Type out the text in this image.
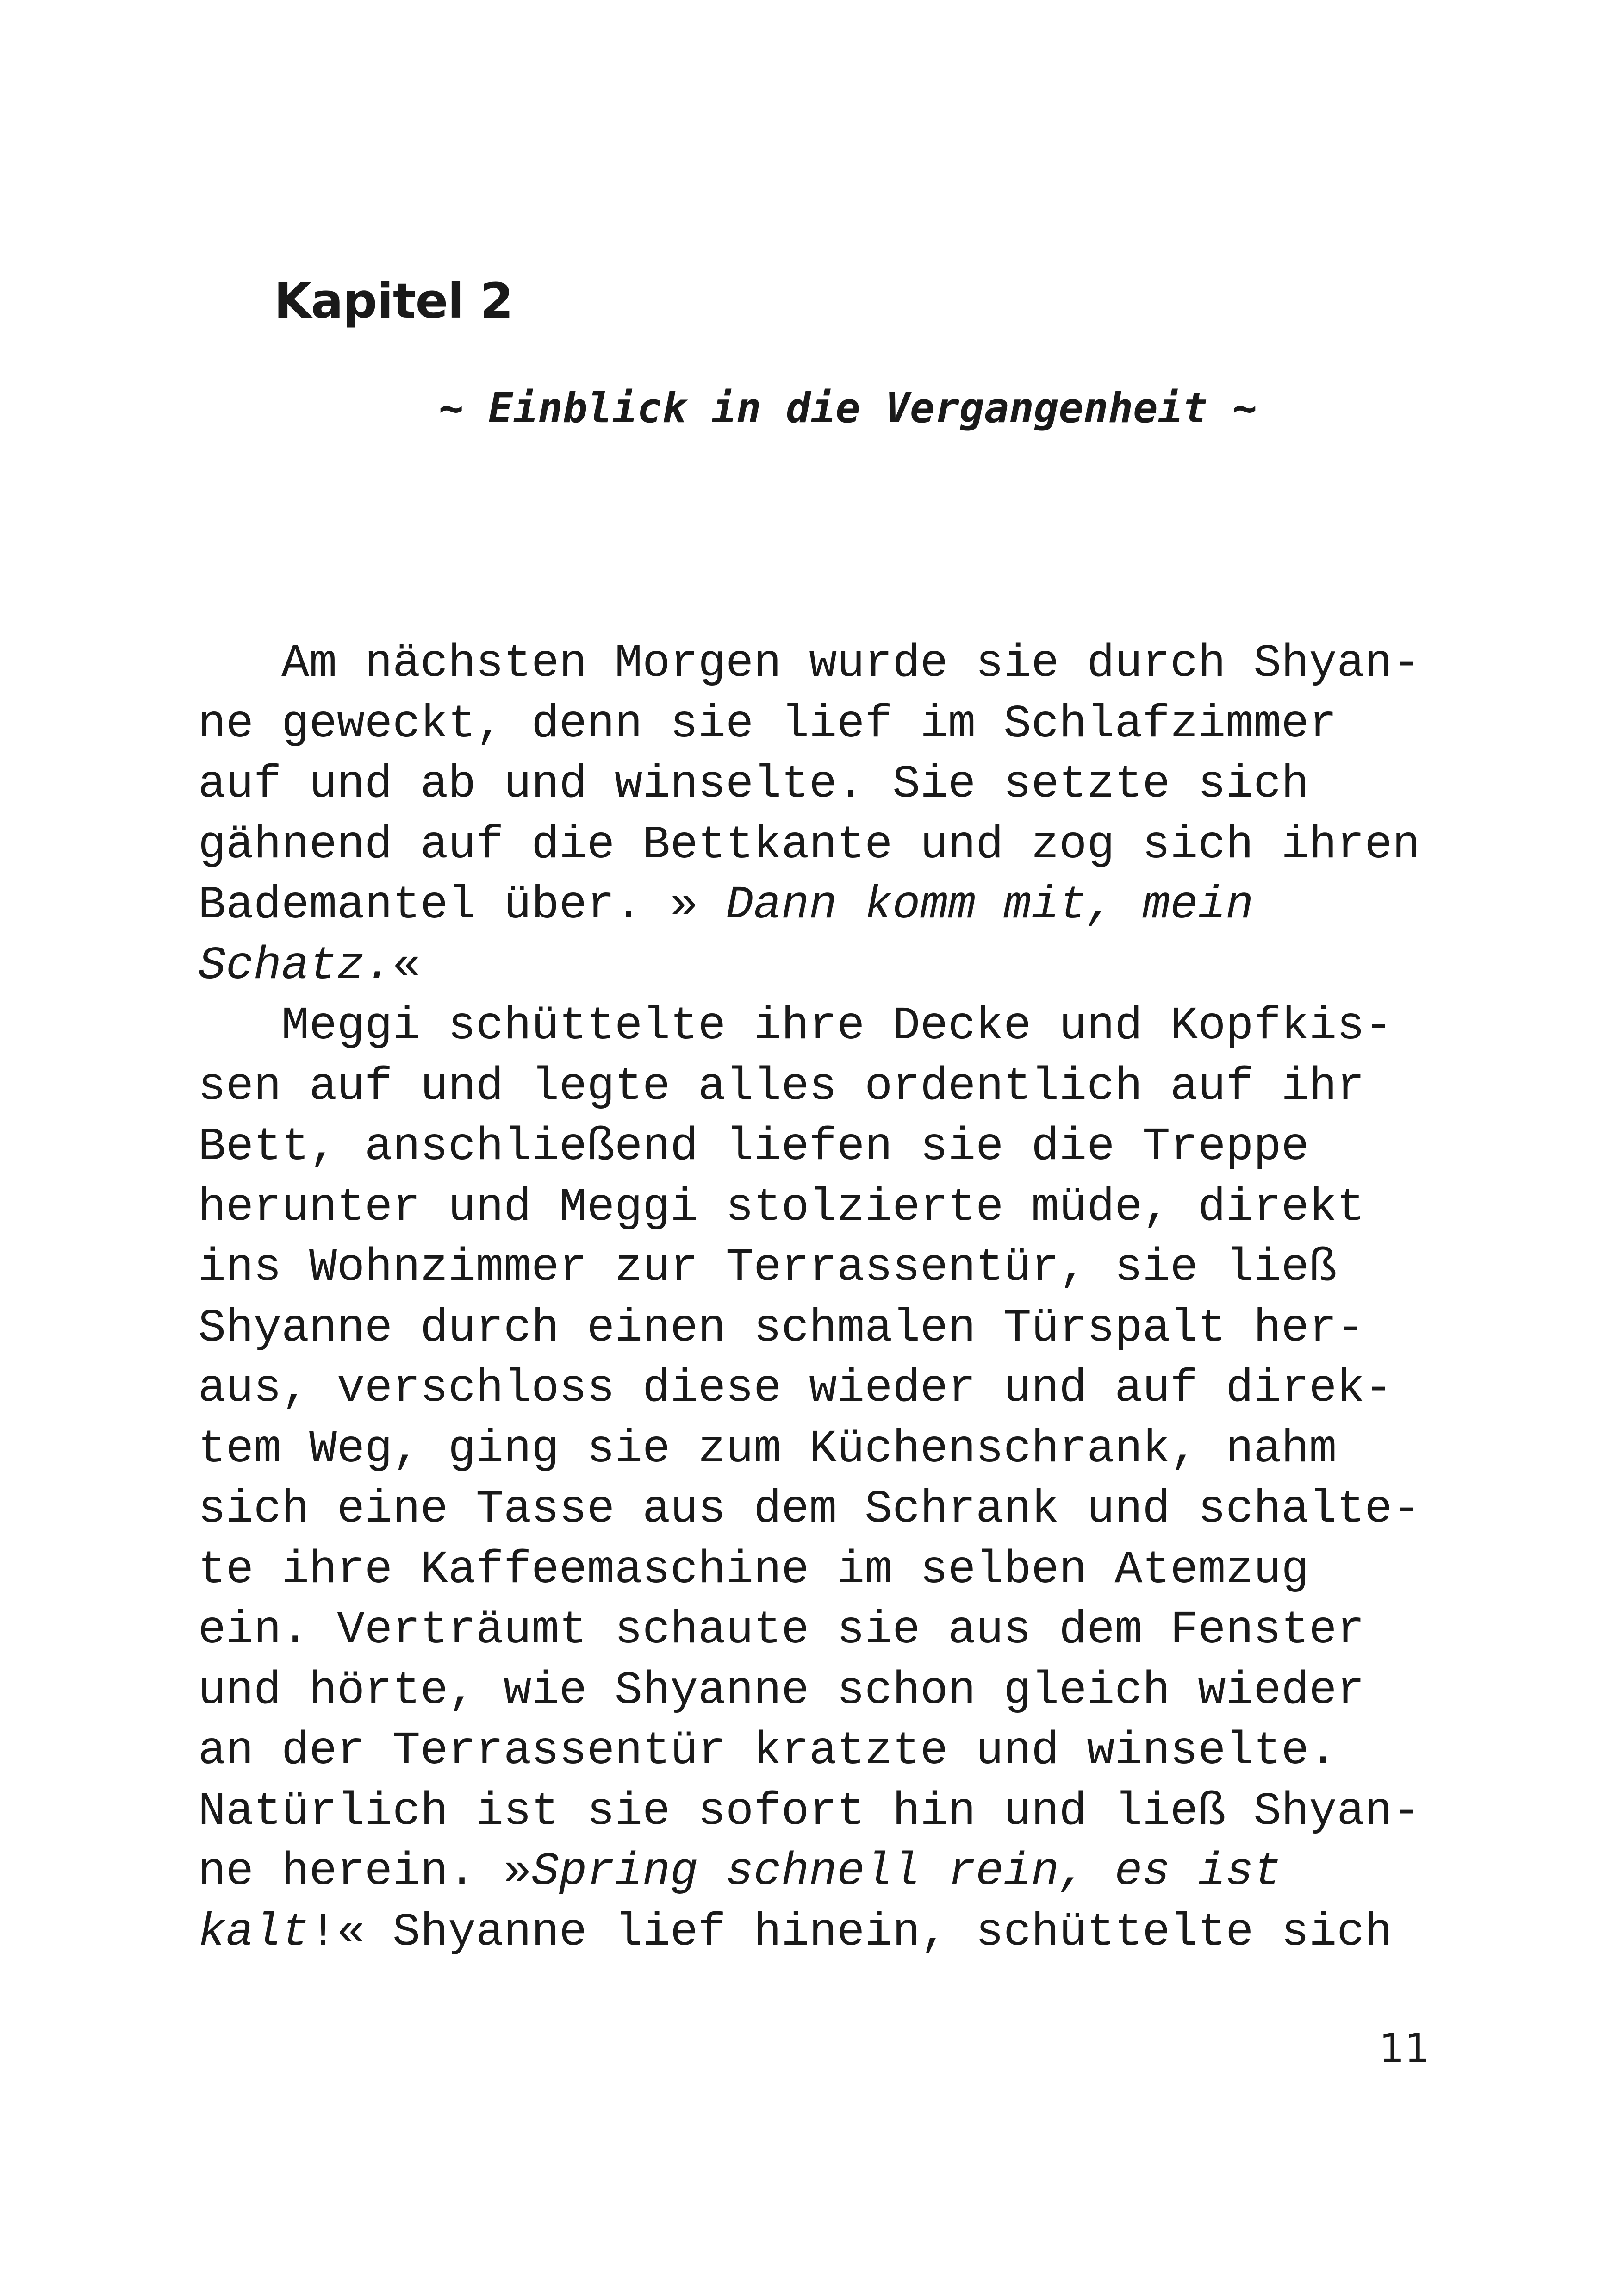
Kapitel 2

~ Einblick in die Vergangenheit ~

Am nächsten Morgen wurde sie durch Shyan-
ne geweckt, denn sie lief im Schlafzimmer
auf und ab und winselte. Sie setzte sich
gähnend auf die Bettkante und zog sich ihren
Bademantel über. » Dann komm mit, mein
Schatz.«
Meggi schüttelte ihre Decke und Kopfkis-
sen auf und legte alles ordentlich auf ihr
Bett, anschließend liefen sie die Treppe
herunter und Meggi stolzierte müde, direkt
ins Wohnzimmer zur Terrassentür, sie ließ
Shyanne durch einen schmalen Türspalt her-
aus, verschloss diese wieder und auf direk-
tem Weg, ging sie zum Küchenschrank, nahm
sich eine Tasse aus dem Schrank und schalte-
te ihre Kaffeemaschine im selben Atemzug
ein. Verträumt schaute sie aus dem Fenster
und hörte, wie Shyanne schon gleich wieder
an der Terrassentür kratzte und winselte.
Natürlich ist sie sofort hin und ließ Shyan-
ne herein. »Spring schnell rein, es ist
kalt!« Shyanne lief hinein, schüttelte sich

11
